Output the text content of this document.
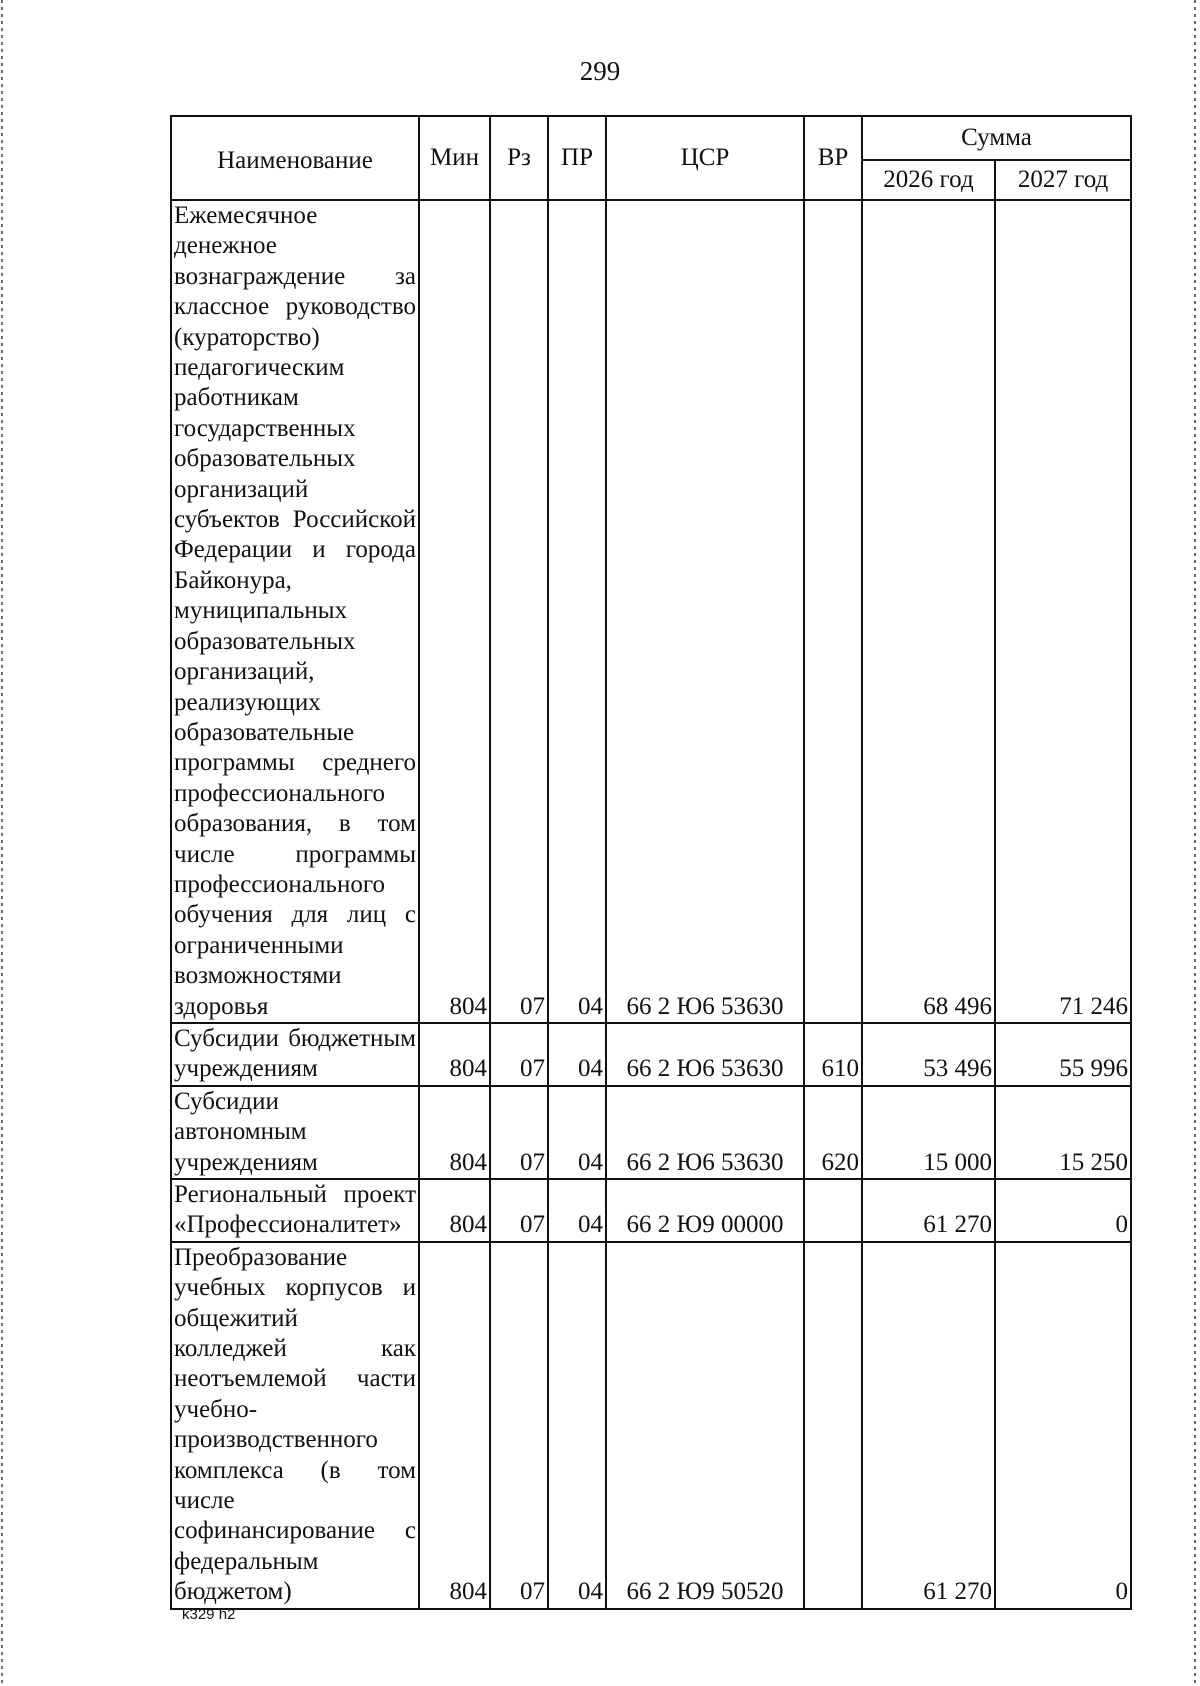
299
Наименование	Мин	Рз	ПР	ЦСР	ВР	Сумма	
						2026 год	2027 год
Ежемесячное денежное вознаграждение за классное руководство (кураторство) педагогическим работникам государственных образовательных организаций субъектов Российской Федерации и города Байконура, муниципальных образовательных организаций, реализующих образовательные программы среднего профессионального образования, в том числе программы профессионального обучения для лиц с ограниченными возможностями здоровья	804	07	04	66 2 Ю6 53630		68 496	71 246
Субсидии бюджетным учреждениям	804	07	04	66 2 Ю6 53630	610	53 496	55 996
Субсидии автономным учреждениям	804	07	04	66 2 Ю6 53630	620	15 000	15 250
Региональный проект «Профессионалитет»	804	07	04	66 2 Ю9 00000		61 270	0
Преобразование учебных корпусов и общежитий колледжей как неотъемлемой части учебно-производственного комплекса (в том числе софинансирование с федеральным бюджетом)	804	07	04	66 2 Ю9 50520		61 270	0
k329 h2
